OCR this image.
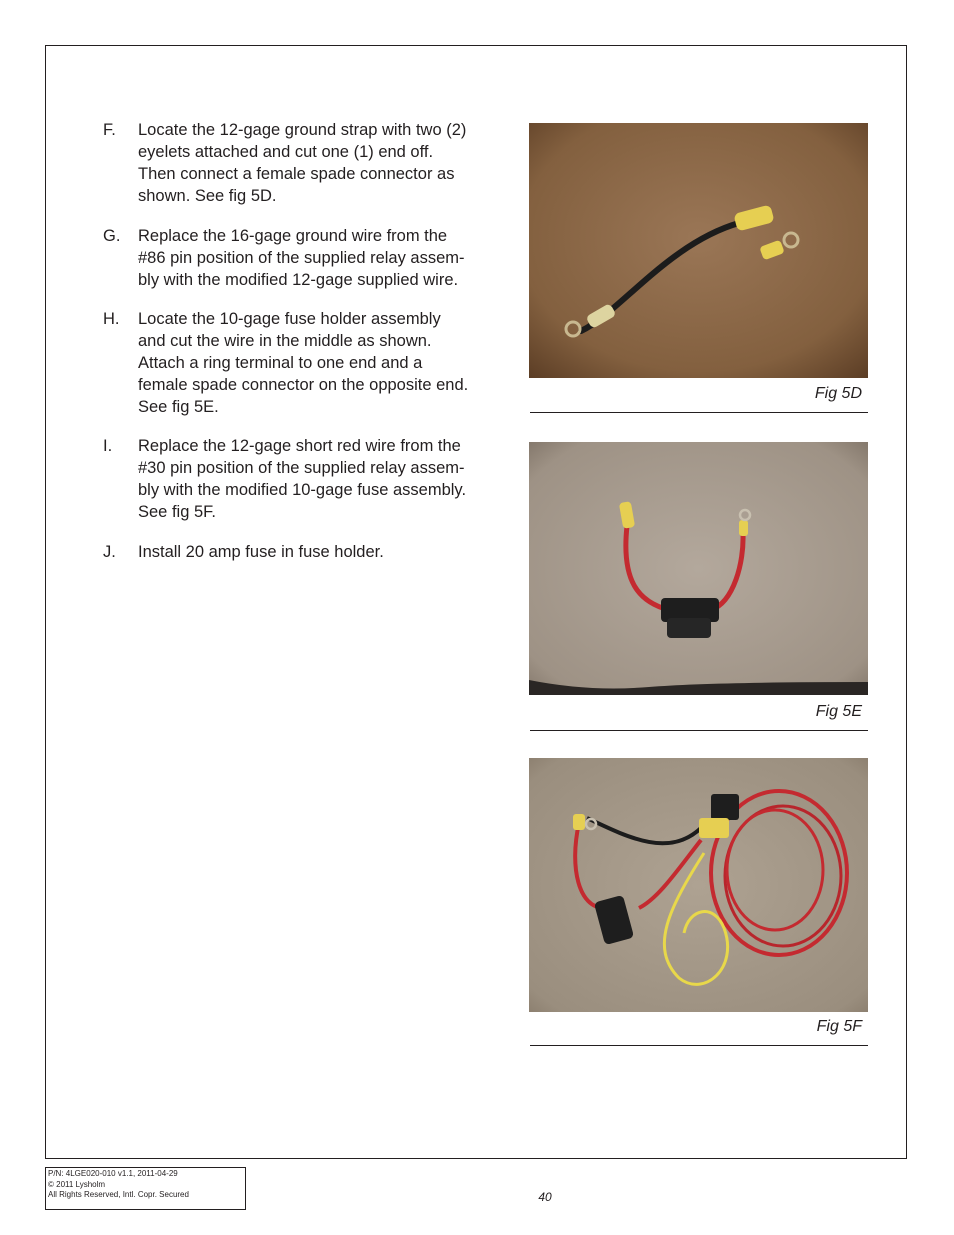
F. Locate the 12-gage ground strap with two (2)
eyelets attached and cut one (1) end off.
Then connect a female spade connector as
shown. See fig 5D.
G. Replace the 16-gage ground wire from the
#86 pin position of the supplied relay assem-
bly with the modified 12-gage supplied wire.
H. Locate the 10-gage fuse holder assembly
and cut the wire in the middle as shown.
Attach a ring terminal to one end and a
female spade connector on the opposite end.
See fig 5E.
I. Replace the 12-gage short red wire from the
#30 pin position of the supplied relay assem-
bly with the modified 10-gage fuse assembly.
See fig 5F.
J. Install 20 amp fuse in fuse holder.
Fig 5D
Fig 5E
Fig 5F
P/N: 4LGE020-010 v1.1, 2011-04-29
© 2011 Lysholm
All Rights Reserved, Intl. Copr. Secured	40
